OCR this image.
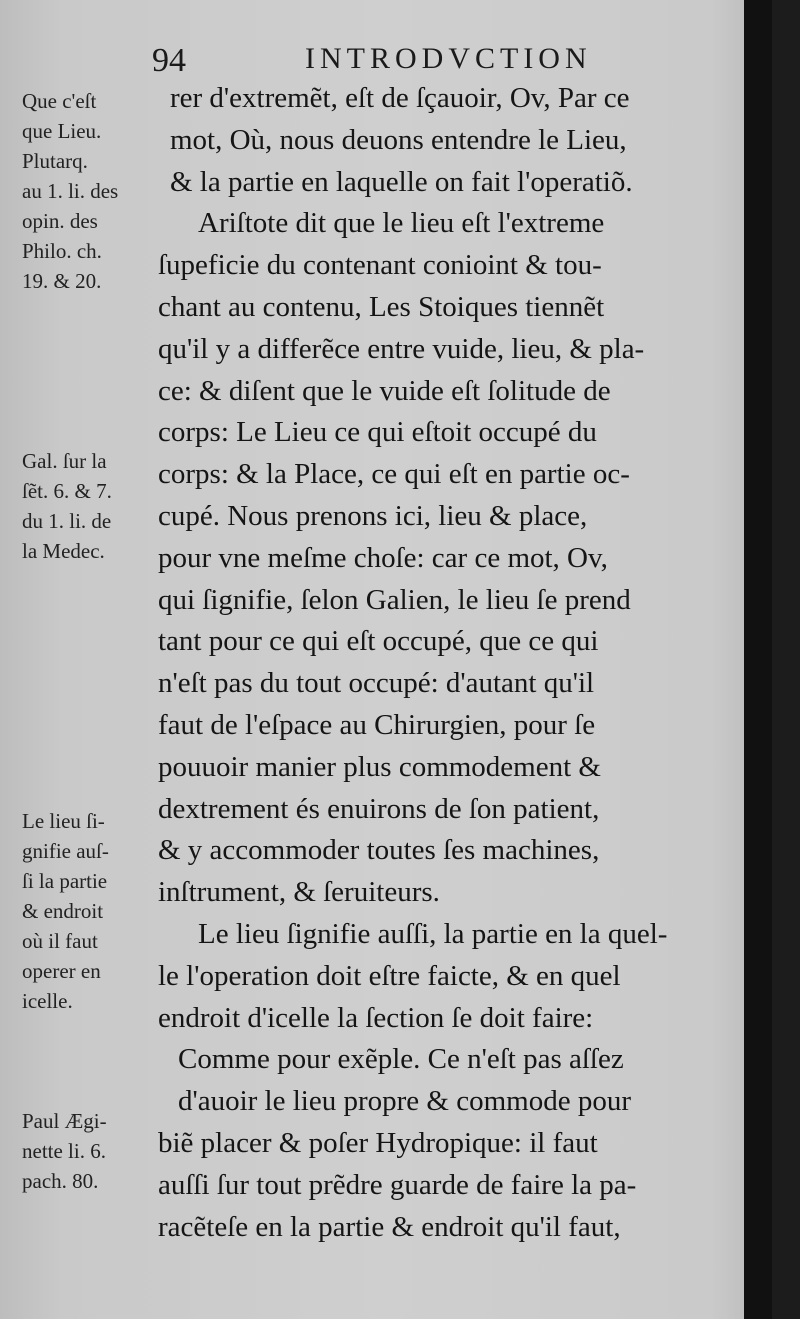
94	INTRODVCTION
Que c'eſt
que Lieu.
Plutarq.
au 1. li. des
opin. des
Philo. ch.
19. & 20.
Gal. ſur la
ſẽt. 6. & 7.
du 1. li. de
la Medec.
Le lieu ſi-
gnifie auſ-
ſi la partie
& endroit
où il faut
operer en
icelle.
Paul Ægi-
nette li. 6.
pach. 80.
rer d'extremẽt, eſt de ſçauoir, Ov, Par ce
mot, Où, nous deuons entendre le Lieu,
& la partie en laquelle on fait l'operatiõ.
Ariſtote dit que le lieu eſt l'extreme
ſupeficie du contenant conioint & tou-
chant au contenu, Les Stoiques tiennẽt
qu'il y a differẽce entre vuide, lieu, & pla-
ce: & diſent que le vuide eſt ſolitude de
corps: Le Lieu ce qui eſtoit occupé du
corps: & la Place, ce qui eſt en partie oc-
cupé. Nous prenons ici, lieu & place,
pour vne meſme choſe: car ce mot, Ov,
qui ſignifie, ſelon Galien, le lieu ſe prend
tant pour ce qui eſt occupé, que ce qui
n'eſt pas du tout occupé: d'autant qu'il
faut de l'eſpace au Chirurgien, pour ſe
pouuoir manier plus commodement &
dextrement és enuirons de ſon patient,
& y accommoder toutes ſes machines,
inſtrument, & ſeruiteurs.
Le lieu ſignifie auſſi, la partie en la quel-
le l'operation doit eſtre faicte, & en quel
endroit d'icelle la ſection ſe doit faire:
Comme pour exẽple. Ce n'eſt pas aſſez
d'auoir le lieu propre & commode pour
biẽ placer & poſer Hydropique: il faut
auſſi ſur tout prẽdre guarde de faire la pa-
racẽteſe en la partie & endroit qu'il faut,
